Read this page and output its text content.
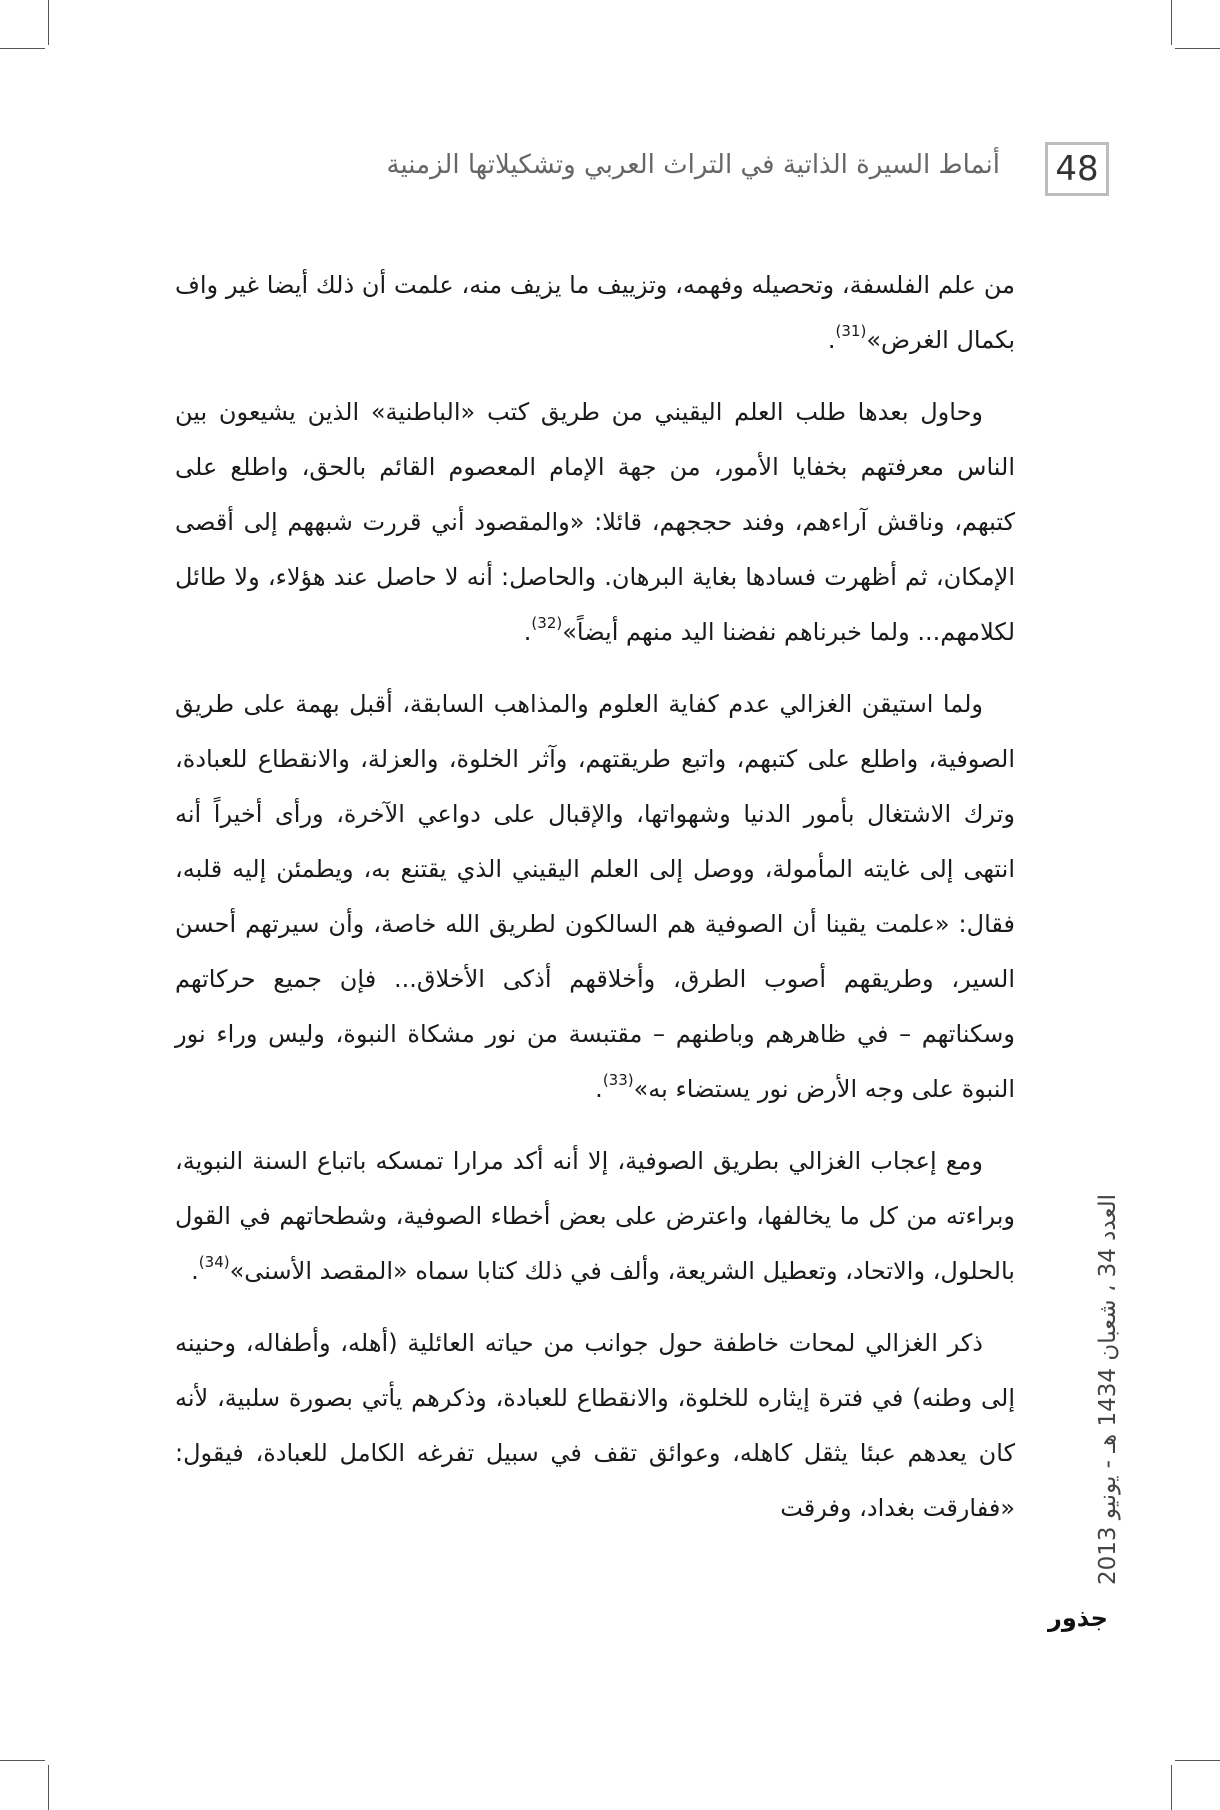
48
أنماط السيرة الذاتية في التراث العربي وتشكيلاتها الزمنية

من علم الفلسفة، وتحصيله وفهمه، وتزييف ما يزيف منه، علمت أن ذلك أيضا غير واف بكمال الغرض»$^{(31)}$.

وحاول بعدها طلب العلم اليقيني من طريق كتب «الباطنية» الذين يشيعون بين الناس معرفتهم بخفايا الأمور، من جهة الإمام المعصوم القائم بالحق، واطلع على كتبهم، وناقش آراءهم، وفند حججهم، قائلا: «والمقصود أني قررت شبههم إلى أقصى الإمكان، ثم أظهرت فسادها بغاية البرهان. والحاصل: أنه لا حاصل عند هؤلاء، ولا طائل لكلامهم... ولما خبرناهم نفضنا اليد منهم أيضاً»$^{(32)}$.

ولما استيقن الغزالي عدم كفاية العلوم والمذاهب السابقة، أقبل بهمة على طريق الصوفية، واطلع على كتبهم، واتبع طريقتهم، وآثر الخلوة، والعزلة، والانقطاع للعبادة، وترك الاشتغال بأمور الدنيا وشهواتها، والإقبال على دواعي الآخرة، ورأى أخيراً أنه انتهى إلى غايته المأمولة، ووصل إلى العلم اليقيني الذي يقتنع به، ويطمئن إليه قلبه، فقال: «علمت يقينا أن الصوفية هم السالكون لطريق الله خاصة، وأن سيرتهم أحسن السير، وطريقهم أصوب الطرق، وأخلاقهم أذكى الأخلاق... فإن جميع حركاتهم وسكناتهم – في ظاهرهم وباطنهم – مقتبسة من نور مشكاة النبوة، وليس وراء نور النبوة على وجه الأرض نور يستضاء به»$^{(33)}$.

ومع إعجاب الغزالي بطريق الصوفية، إلا أنه أكد مرارا تمسكه باتباع السنة النبوية، وبراءته من كل ما يخالفها، واعترض على بعض أخطاء الصوفية، وشطحاتهم في القول بالحلول، والاتحاد، وتعطيل الشريعة، وألف في ذلك كتابا سماه «المقصد الأسنى»$^{(34)}$.

ذكر الغزالي لمحات خاطفة حول جوانب من حياته العائلية (أهله، وأطفاله، وحنينه إلى وطنه) في فترة إيثاره للخلوة، والانقطاع للعبادة، وذكرهم يأتي بصورة سلبية، لأنه كان يعدهم عبئا يثقل كاهله، وعوائق تقف في سبيل تفرغه الكامل للعبادة، فيقول: «ففارقت بغداد، وفرقت

العدد 34 ، شعبان 1434 هـ - يونيو 2013
جذور
